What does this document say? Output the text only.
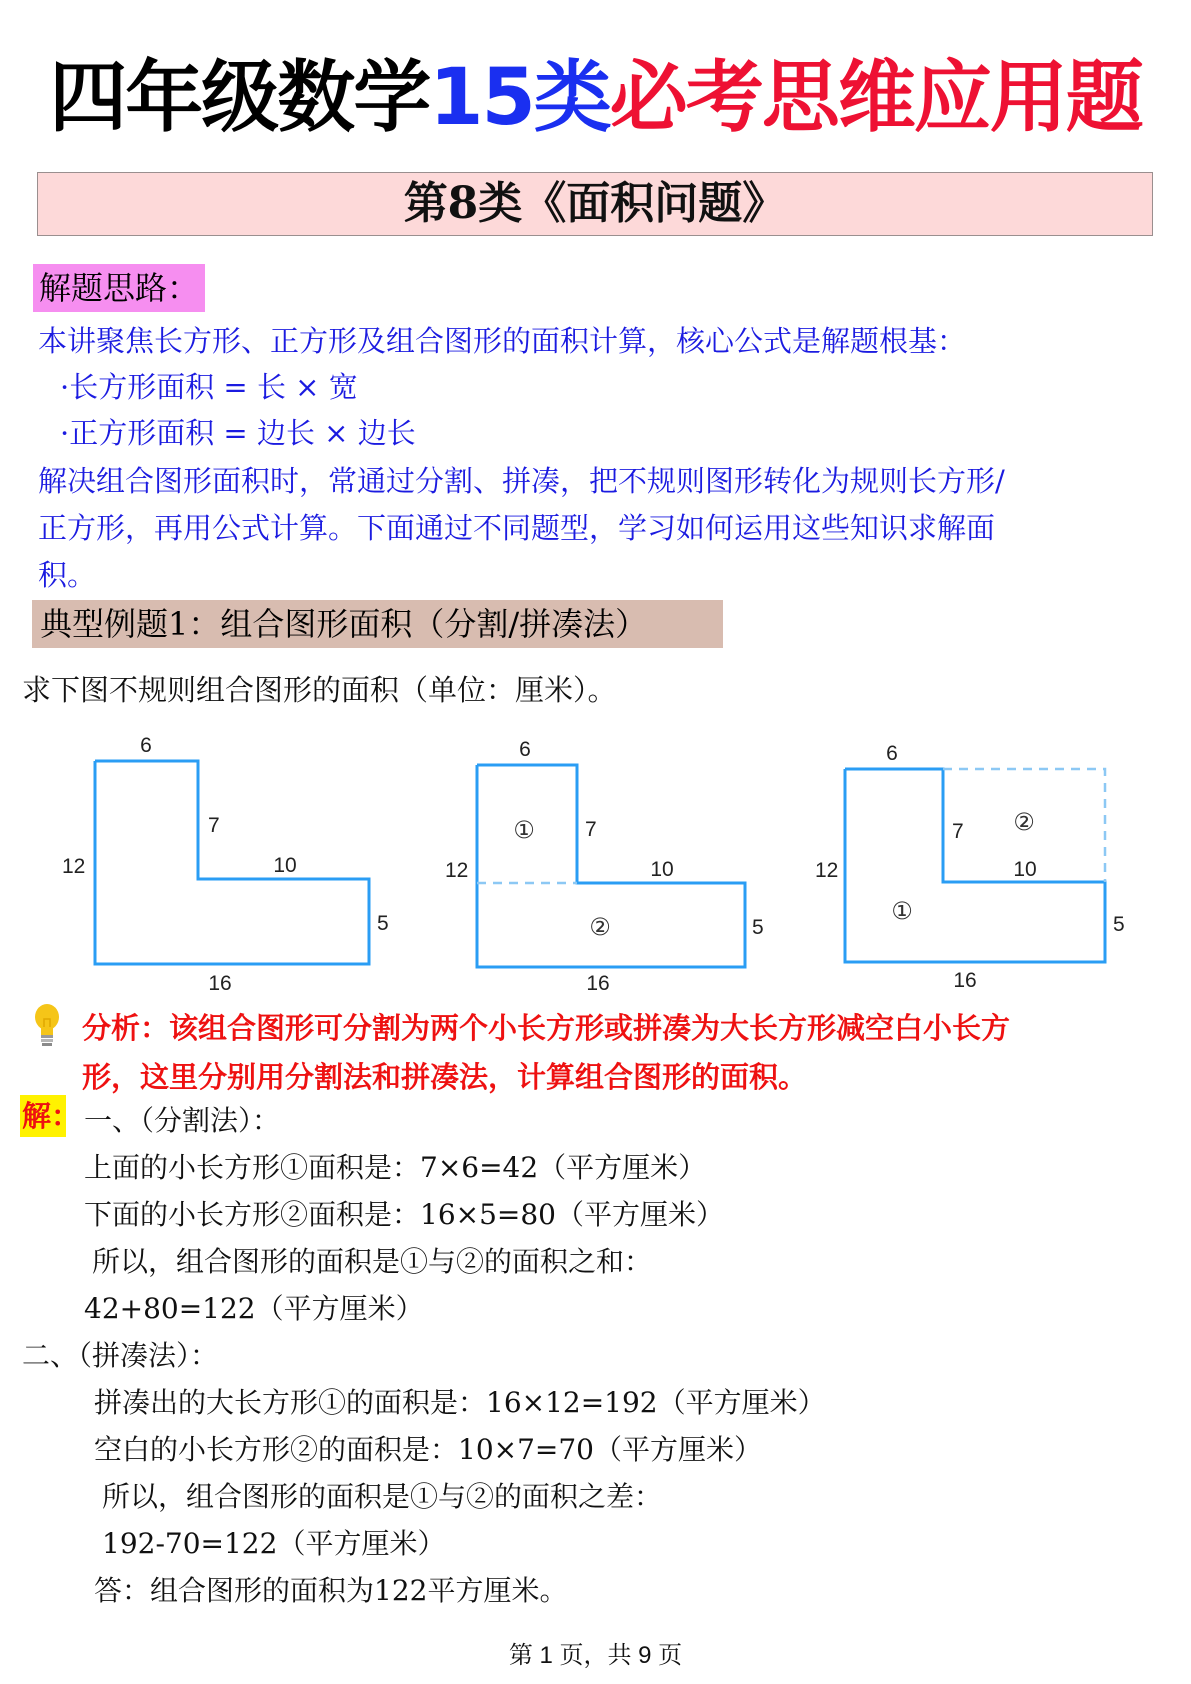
四年级数学15类必考思维应用题
第8类《面积问题》
解题思路：
本讲聚焦长方形、正方形及组合图形的面积计算，核心公式是解题根基：
·长方形面积 = 长 × 宽
·正方形面积 = 边长 × 边长
解决组合图形面积时，常通过分割、拼凑，把不规则图形转化为规则长方形/
正方形，再用公式计算。下面通过不同题型，学习如何运用这些知识求解面
积。
典型例题1：组合图形面积（分割/拼凑法）
求下图不规则组合图形的面积（单位：厘米）。
6
7
12	10
5
16
6
7
12	10
5
16
①
②
6
7
12	10
5
16
①
②
分析：该组合图形可分割为两个小长方形或拼凑为大长方形减空白小长方
形，这里分别用分割法和拼凑法，计算组合图形的面积。
解： 一、（分割法）：
上面的小长方形①面积是：7×6=42（平方厘米）
下面的小长方形②面积是：16×5=80（平方厘米）
所以，组合图形的面积是①与②的面积之和：
42+80=122（平方厘米）
二、（拼凑法）：
拼凑出的大长方形①的面积是：16×12=192（平方厘米）
空白的小长方形②的面积是：10×7=70（平方厘米）
所以，组合图形的面积是①与②的面积之差：
192-70=122（平方厘米）
答：组合图形的面积为122平方厘米。
第 1 页，共 9 页
